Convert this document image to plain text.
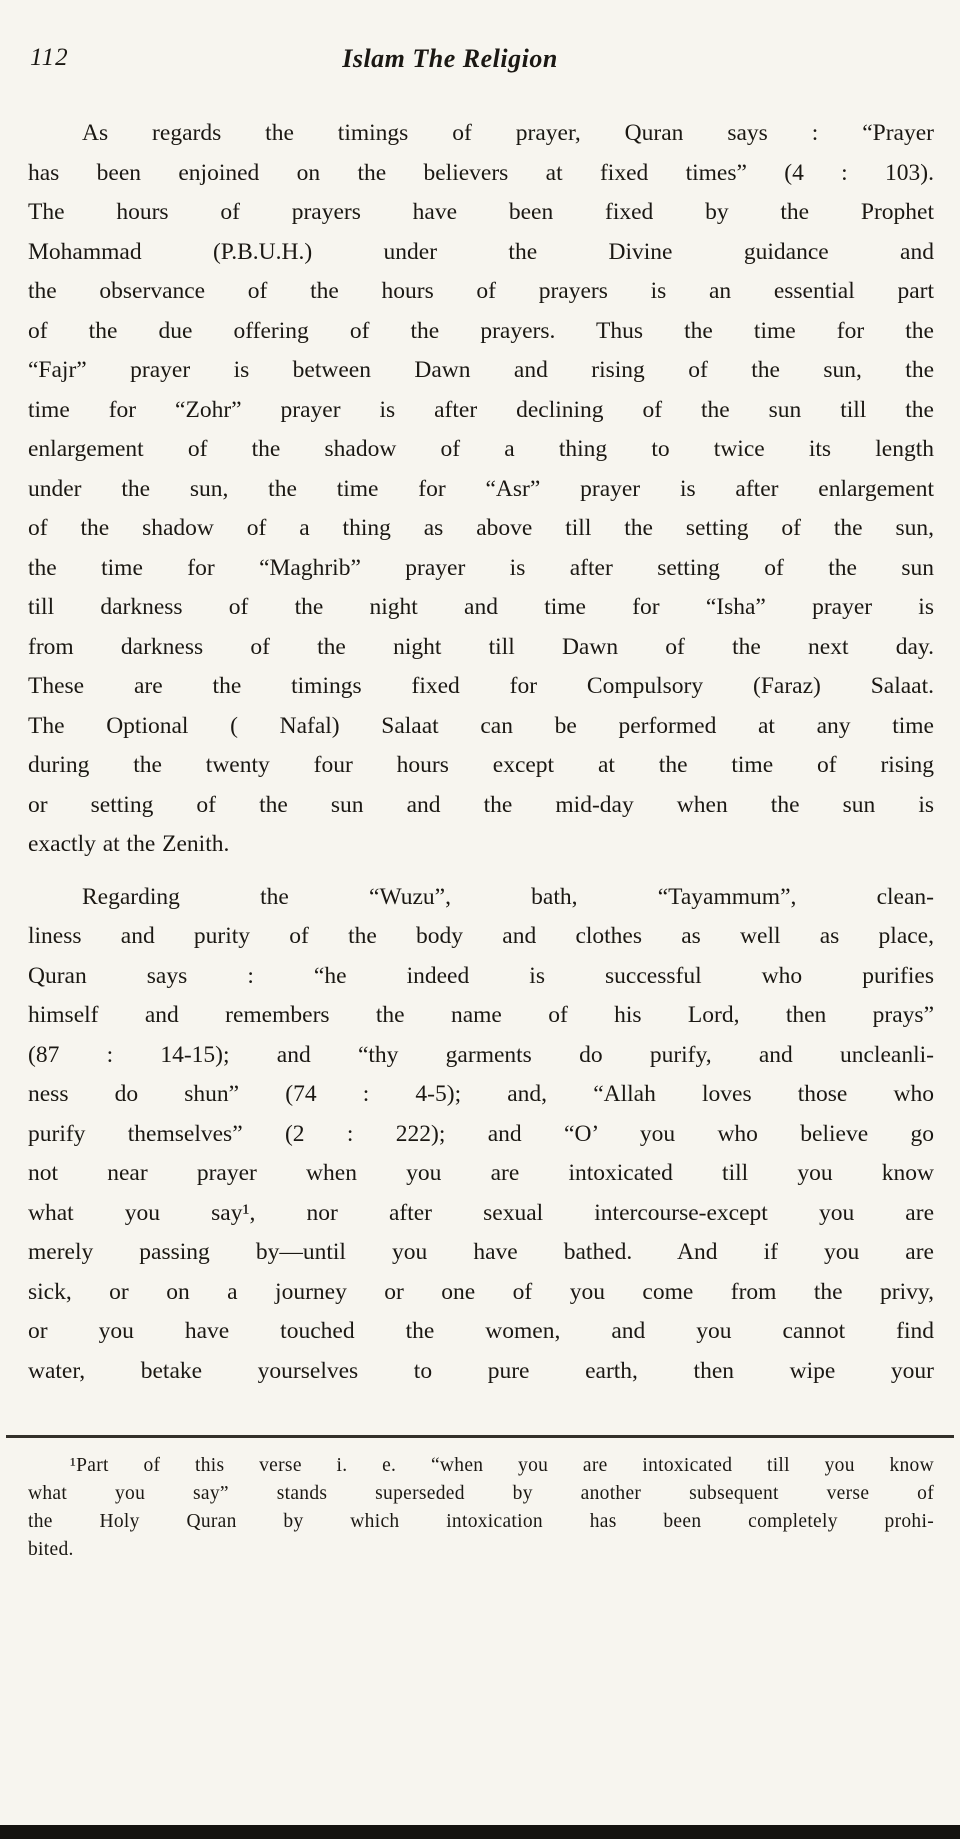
112	Islam The Religion
As regards the timings of prayer, Quran says : “Prayer
has been enjoined on the believers at fixed times” (4 : 103).
The hours of prayers have been fixed by the Prophet
Mohammad (P.B.U.H.) under the Divine guidance and
the observance of the hours of prayers is an essential part
of the due offering of the prayers. Thus the time for the
“Fajr” prayer is between Dawn and rising of the sun, the
time for “Zohr” prayer is after declining of the sun till the
enlargement of the shadow of a thing to twice its length
under the sun, the time for “Asr” prayer is after enlargement
of the shadow of a thing as above till the setting of the sun,
the time for “Maghrib” prayer is after setting of the sun
till darkness of the night and time for “Isha” prayer is
from darkness of the night till Dawn of the next day.
These are the timings fixed for Compulsory (Faraz) Salaat.
The Optional ( Nafal) Salaat can be performed at any time
during the twenty four hours except at the time of rising
or setting of the sun and the mid-day when the sun is
exactly at the Zenith.
Regarding the “Wuzu”, bath, “Tayammum”, clean-
liness and purity of the body and clothes as well as place,
Quran says : “he indeed is successful who purifies
himself and remembers the name of his Lord, then prays”
(87 : 14-15); and “thy garments do purify, and uncleanli-
ness do shun” (74 : 4-5); and, “Allah loves those who
purify themselves” (2 : 222); and “O’ you who believe go
not near prayer when you are intoxicated till you know
what you say¹, nor after sexual intercourse-except you are
merely passing by—until you have bathed. And if you are
sick, or on a journey or one of you come from the privy,
or you have touched the women, and you cannot find
water, betake yourselves to pure earth, then wipe your
¹Part of this verse i. e. “when you are intoxicated till you know
what you say” stands superseded by another subsequent verse of
the Holy Quran by which intoxication has been completely prohi-
bited.
